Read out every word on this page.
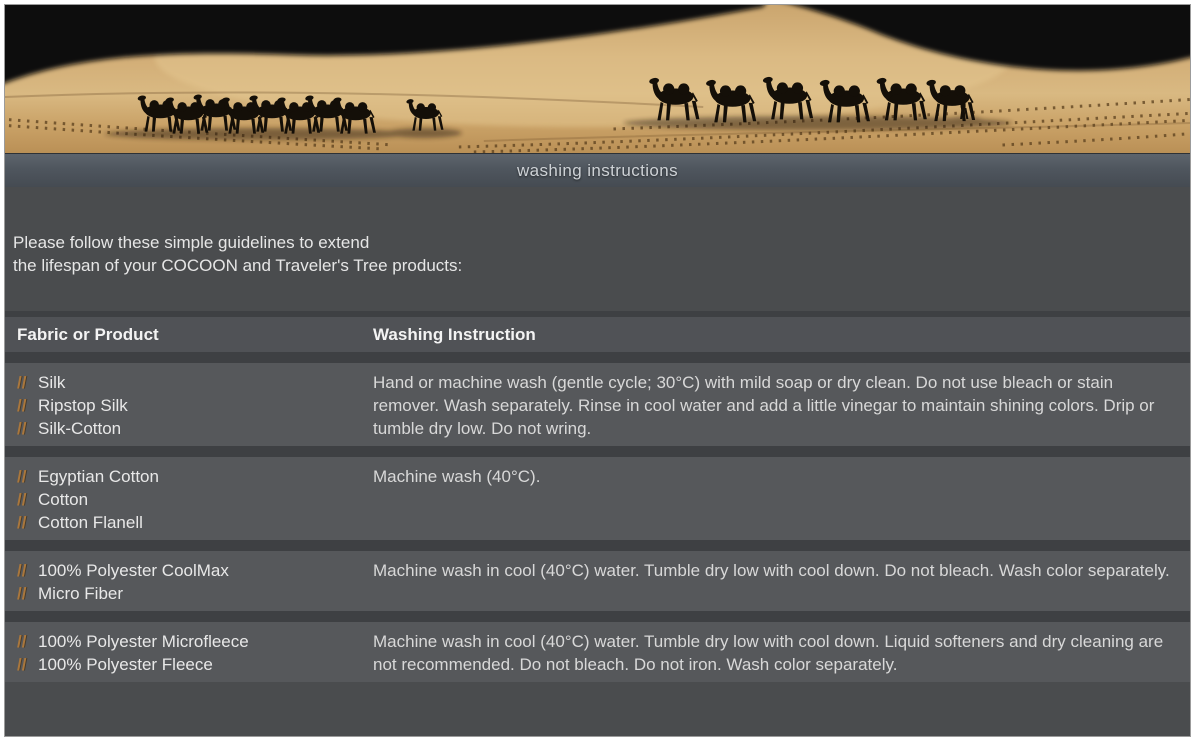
washing instructions
Please follow these simple guidelines to extend
the lifespan of your COCOON and Traveler's Tree products:
Fabric or Product	Washing Instruction
// Silk
// Ripstop Silk
// Silk-Cotton
Hand or machine wash (gentle cycle; 30°C) with mild soap or dry clean. Do not use bleach or stain remover. Wash separately. Rinse in cool water and add a little vinegar to maintain shining colors. Drip or tumble dry low. Do not wring.
// Egyptian Cotton
// Cotton
// Cotton Flanell
Machine wash (40°C).
// 100% Polyester CoolMax
// Micro Fiber
Machine wash in cool (40°C) water. Tumble dry low with cool down. Do not bleach. Wash color separately.
// 100% Polyester Microfleece
// 100% Polyester Fleece
Machine wash in cool (40°C) water. Tumble dry low with cool down. Liquid softeners and dry cleaning are not recommended. Do not bleach. Do not iron. Wash color separately.
